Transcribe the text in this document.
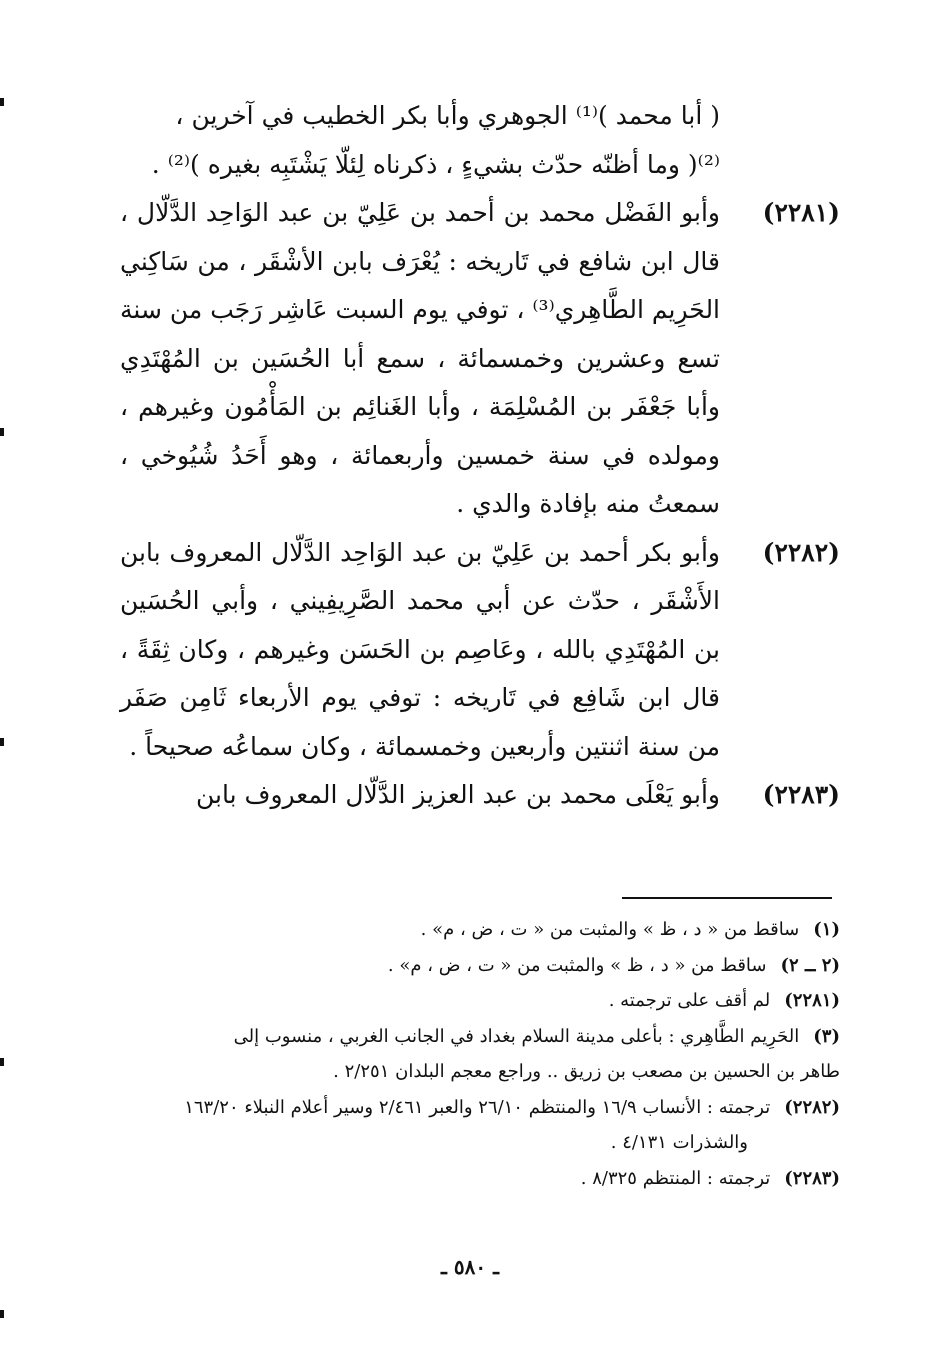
( أبا محمد )⁽¹⁾ الجوهري وأبا بكر الخطيب في آخرين ،

⁽²⁾( وما أظنّه حدّث بشيءٍ ، ذكرناه لِئلّا يَشْتَبِه بغيره )⁽²⁾ .

(٢٢٨١)
وأبو الفَضْل محمد بن أحمد بن عَلِيّ بن عبد الوَاحِد الدَّلّال ، قال ابن شافع في تَاريخه : يُعْرَف بابن الأشْقَر ، من سَاكِني الحَرِيم الطَّاهِري⁽³⁾ ، توفي يوم السبت عَاشِر رَجَب من سنة تسع وعشرين وخمسمائة ، سمع أبا الحُسَين بن المُهْتَدِي وأبا جَعْفَر بن المُسْلِمَة ، وأبا الغَنائِم بن المَأْمُون وغيرهم ، ومولده في سنة خمسين وأربعمائة ، وهو أَحَدُ شُيُوخي ، سمعتُ منه بإفادة والدي .

(٢٢٨٢)
وأبو بكر أحمد بن عَلِيّ بن عبد الوَاحِد الدَّلّال المعروف بابن الأَشْقَر ، حدّث عن أبي محمد الصَّرِيفِيني ، وأبي الحُسَين بن المُهْتَدِي بالله ، وعَاصِم بن الحَسَن وغيرهم ، وكان ثِقَةً ، قال ابن شَافِع في تَاريخه : توفي يوم الأربعاء ثَامِن صَفَر من سنة اثنتين وأربعين وخمسمائة ، وكان سماعُه صحيحاً .

(٢٢٨٣)
وأبو يَعْلَى محمد بن عبد العزيز الدَّلّال المعروف بابن

(١)ساقط من « د ، ظ » والمثبت من « ت ، ض ، م» .

(٢ ــ ٢)ساقط من « د ، ظ » والمثبت من « ت ، ض ، م» .

(٢٢٨١)لم أقف على ترجمته .

(٣)الحَرِيم الطَّاهِري : بأعلى مدينة السلام بغداد في الجانب الغربي ، منسوب إلى

طاهر بن الحسين بن مصعب بن زريق .. وراجع معجم البلدان ٢/٢٥١ .

(٢٢٨٢)ترجمته : الأنساب ١٦/٩ والمنتظم ٢٦/١٠ والعبر ٢/٤٦١ وسير أعلام النبلاء ١٦٣/٢٠

والشذرات ٤/١٣١ .

(٢٢٨٣)ترجمته : المنتظم ٨/٣٢٥ .

ـ ٥٨٠ ـ
